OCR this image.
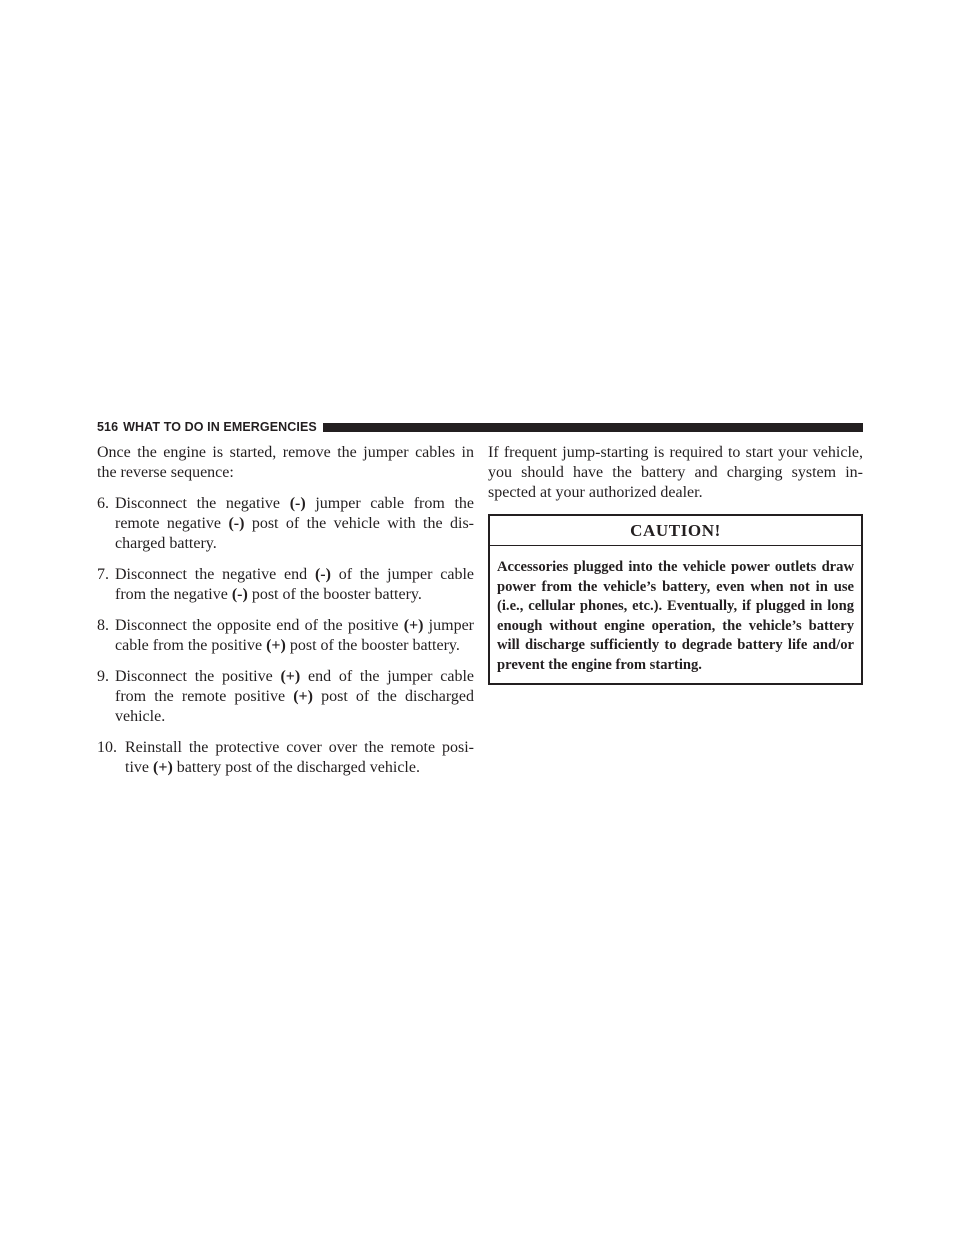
516 WHAT TO DO IN EMERGENCIES

Once the engine is started, remove the jumper cables in the reverse sequence:

6. Disconnect the negative (-) jumper cable from the remote negative (-) post of the vehicle with the dis-charged battery.
7. Disconnect the negative end (-) of the jumper cable from the negative (-) post of the booster battery.
8. Disconnect the opposite end of the positive (+) jumper cable from the positive (+) post of the booster battery.
9. Disconnect the positive (+) end of the jumper cable from the remote positive (+) post of the discharged vehicle.
10. Reinstall the protective cover over the remote posi-tive (+) battery post of the discharged vehicle.

If frequent jump-starting is required to start your vehicle, you should have the battery and charging system in-spected at your authorized dealer.

CAUTION!
Accessories plugged into the vehicle power outlets draw power from the vehicle’s battery, even when not in use (i.e., cellular phones, etc.). Eventually, if plugged in long enough without engine operation, the vehicle’s battery will discharge sufficiently to degrade battery life and/or prevent the engine from starting.
